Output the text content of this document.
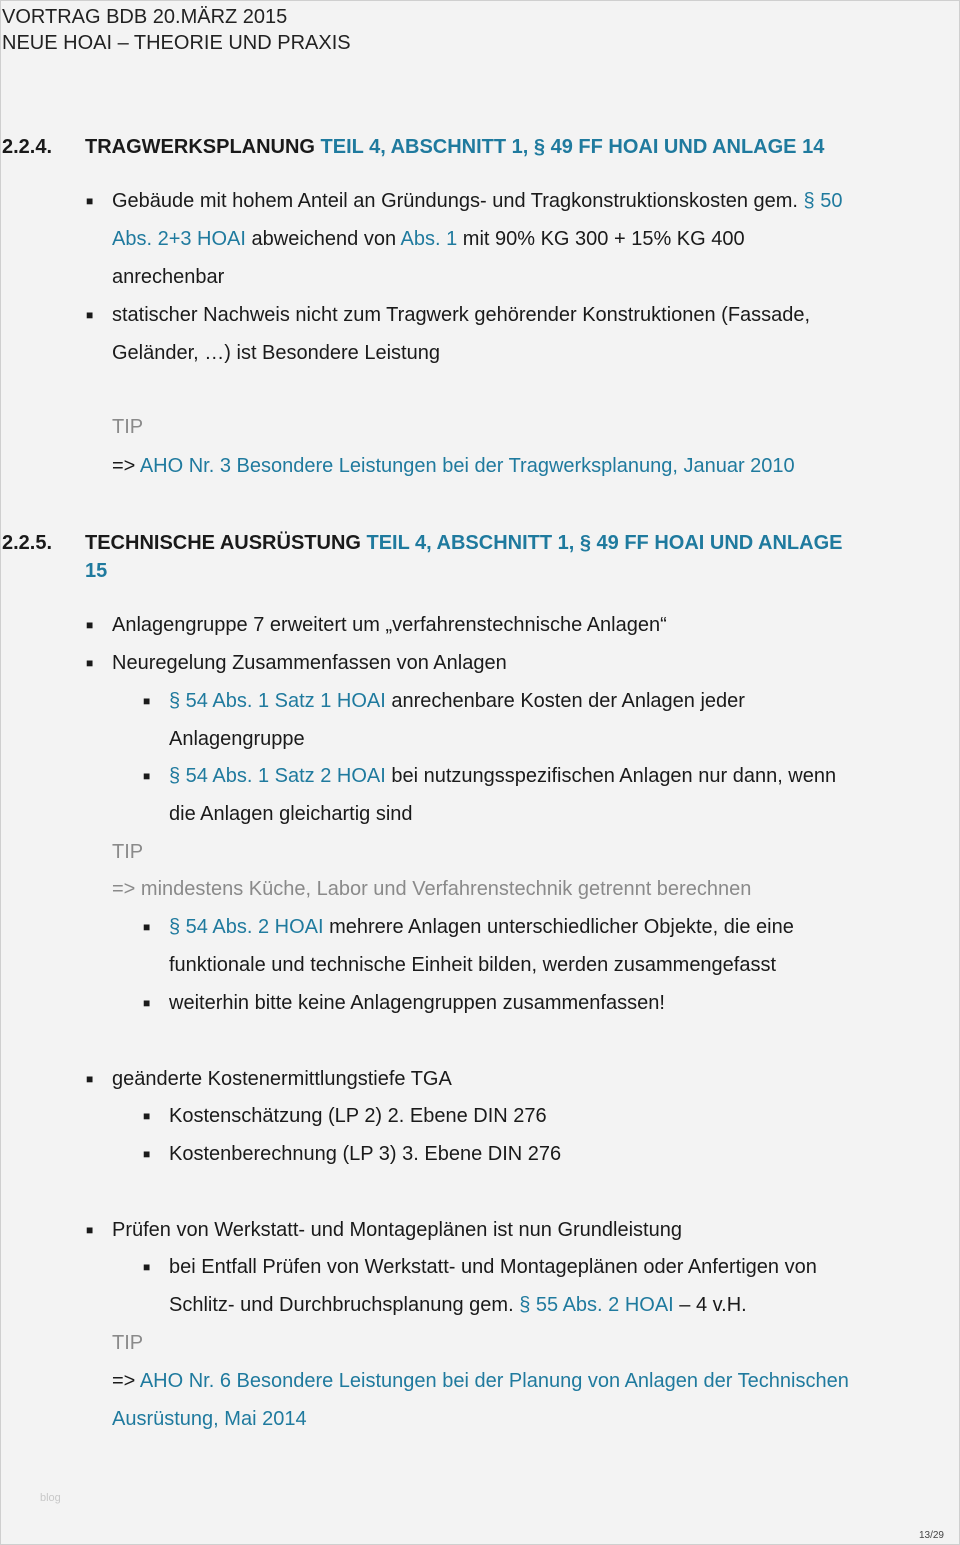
VORTRAG BDB 20.MÄRZ 2015
NEUE HOAI – THEORIE UND PRAXIS
2.2.4. TRAGWERKSPLANUNG TEIL 4, ABSCHNITT 1, § 49 FF HOAI UND ANLAGE 14
■ Gebäude mit hohem Anteil an Gründungs- und Tragkonstruktionskosten gem. § 50
Abs. 2+3 HOAI abweichend von Abs. 1 mit 90% KG 300 + 15% KG 400
anrechenbar
■ statischer Nachweis nicht zum Tragwerk gehörender Konstruktionen (Fassade,
Geländer, …) ist Besondere Leistung
TIP
=> AHO Nr. 3 Besondere Leistungen bei der Tragwerksplanung, Januar 2010
2.2.5. TECHNISCHE AUSRÜSTUNG TEIL 4, ABSCHNITT 1, § 49 FF HOAI UND ANLAGE
15
■ Anlagengruppe 7 erweitert um „verfahrenstechnische Anlagen“
■ Neuregelung Zusammenfassen von Anlagen
■ § 54 Abs. 1 Satz 1 HOAI anrechenbare Kosten der Anlagen jeder
Anlagengruppe
■ § 54 Abs. 1 Satz 2 HOAI bei nutzungsspezifischen Anlagen nur dann, wenn
die Anlagen gleichartig sind
TIP
=> mindestens Küche, Labor und Verfahrenstechnik getrennt berechnen
■ § 54 Abs. 2 HOAI mehrere Anlagen unterschiedlicher Objekte, die eine
funktionale und technische Einheit bilden, werden zusammengefasst
■ weiterhin bitte keine Anlagengruppen zusammenfassen!
■ geänderte Kostenermittlungstiefe TGA
■ Kostenschätzung (LP 2) 2. Ebene DIN 276
■ Kostenberechnung (LP 3) 3. Ebene DIN 276
■ Prüfen von Werkstatt- und Montageplänen ist nun Grundleistung
■ bei Entfall Prüfen von Werkstatt- und Montageplänen oder Anfertigen von
Schlitz- und Durchbruchsplanung gem. § 55 Abs. 2 HOAI – 4 v.H.
TIP
=> AHO Nr. 6 Besondere Leistungen bei der Planung von Anlagen der Technischen
Ausrüstung, Mai 2014
blog
13/29
